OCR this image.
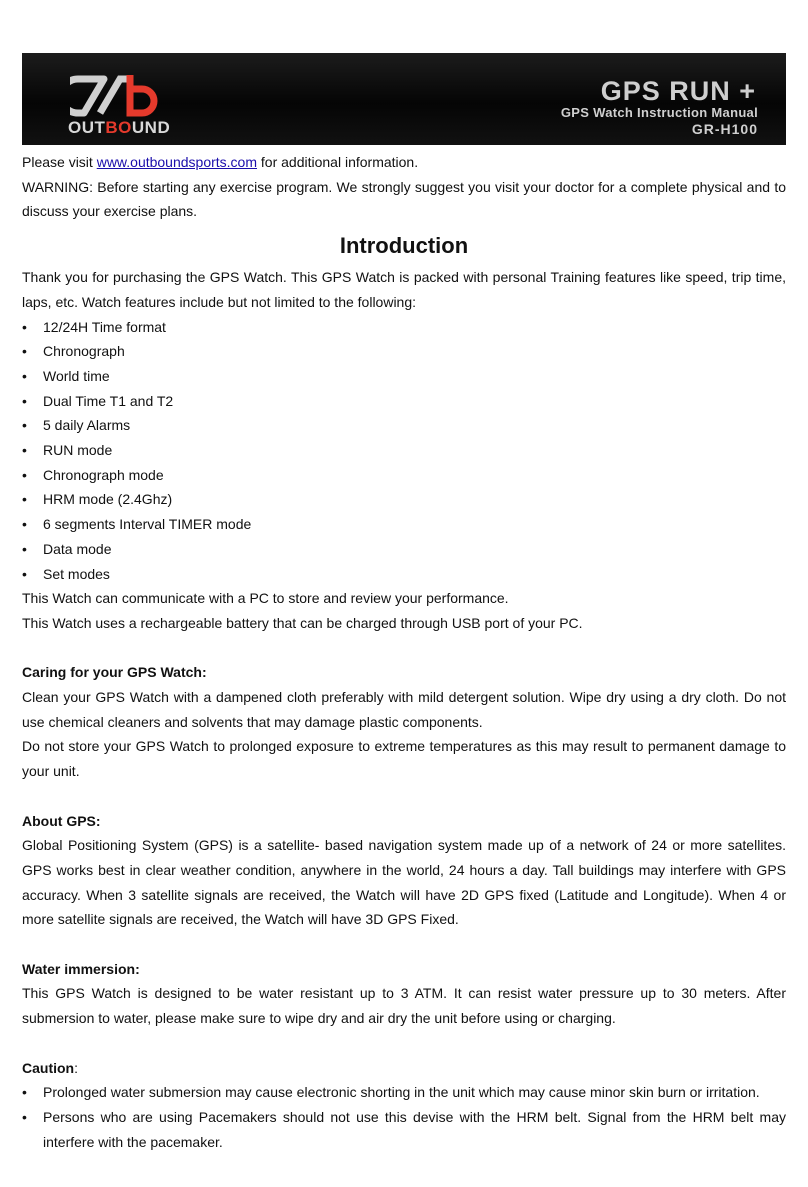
OUTBOUND
GPS RUN +
GPS Watch Instruction Manual
GR-H100

Please visit www.outboundsports.com for additional information.

WARNING: Before starting any exercise program. We strongly suggest you visit your doctor for a complete physical and to discuss your exercise plans.

Introduction

Thank you for purchasing the GPS Watch. This GPS Watch is packed with personal Training features like speed, trip time, laps, etc. Watch features include but not limited to the following:

• 12/24H Time format
• Chronograph
• World time
• Dual Time T1 and T2
• 5 daily Alarms
• RUN mode
• Chronograph mode
• HRM mode (2.4Ghz)
• 6 segments Interval TIMER mode
• Data mode
• Set modes

This Watch can communicate with a PC to store and review your performance.

This Watch uses a rechargeable battery that can be charged through USB port of your PC.

Caring for your GPS Watch:

Clean your GPS Watch with a dampened cloth preferably with mild detergent solution. Wipe dry using a dry cloth. Do not use chemical cleaners and solvents that may damage plastic components.

Do not store your GPS Watch to prolonged exposure to extreme temperatures as this may result to permanent damage to your unit.

About GPS:

Global Positioning System (GPS) is a satellite- based navigation system made up of a network of 24 or more satellites. GPS works best in clear weather condition, anywhere in the world, 24 hours a day. Tall buildings may interfere with GPS accuracy. When 3 satellite signals are received, the Watch will have 2D GPS fixed (Latitude and Longitude). When 4 or more satellite signals are received, the Watch will have 3D GPS Fixed.

Water immersion:

This GPS Watch is designed to be water resistant up to 3 ATM. It can resist water pressure up to 30 meters. After submersion to water, please make sure to wipe dry and air dry the unit before using or charging.

Caution:

• Prolonged water submersion may cause electronic shorting in the unit which may cause minor skin burn or irritation.
• Persons who are using Pacemakers should not use this devise with the HRM belt. Signal from the HRM belt may interfere with the pacemaker.
